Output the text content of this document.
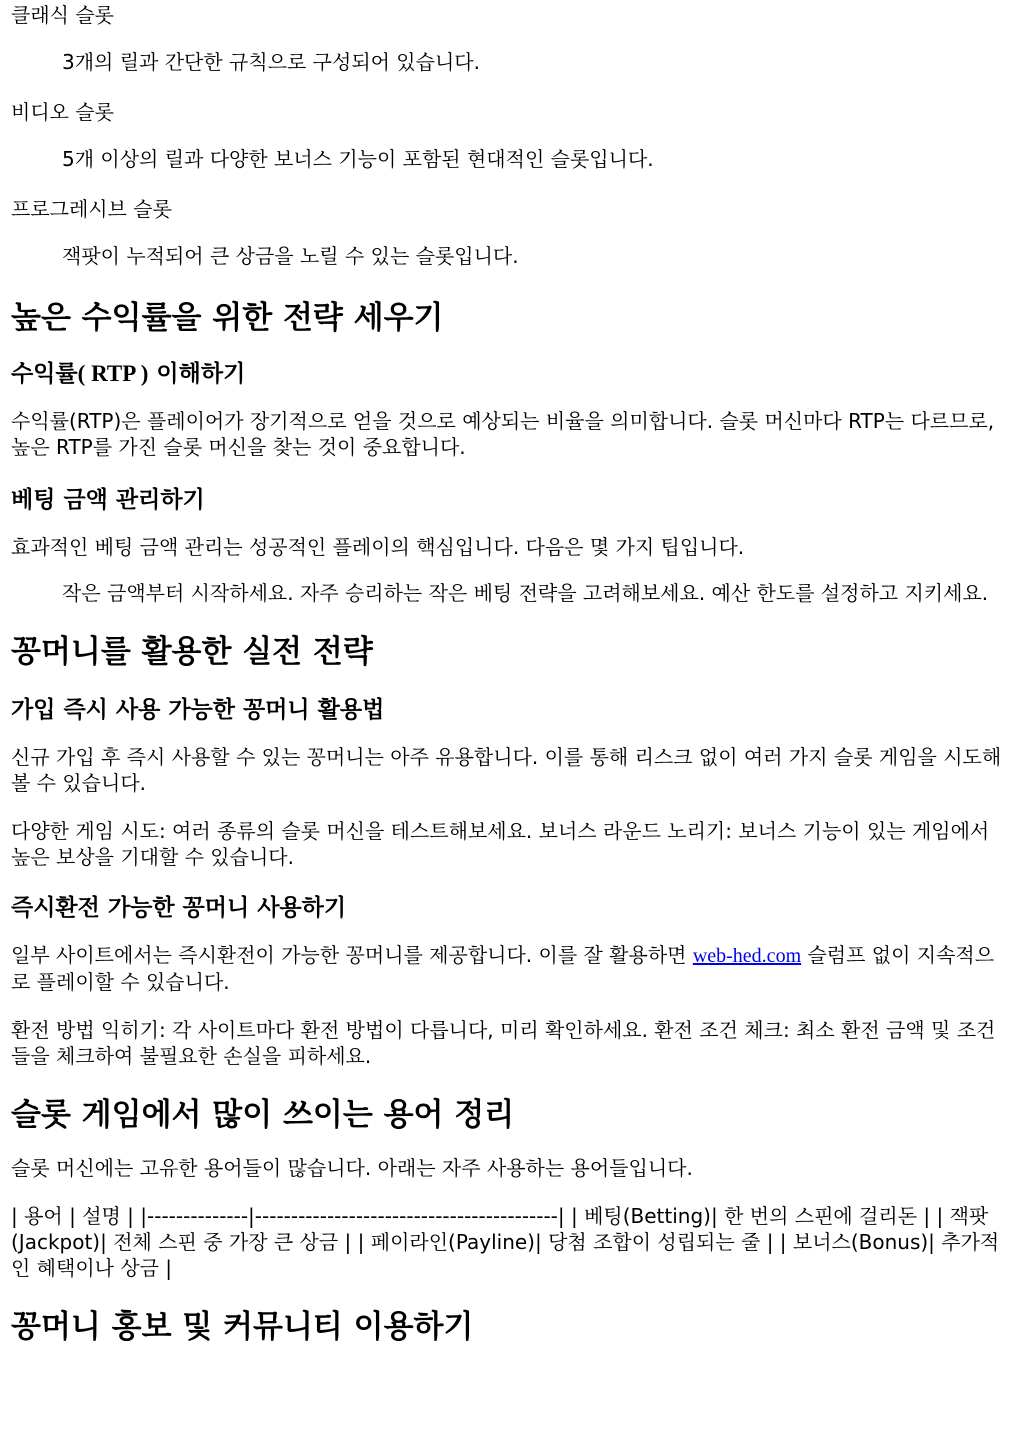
클래식 슬롯

3개의 릴과 간단한 규칙으로 구성되어 있습니다.

비디오 슬롯

5개 이상의 릴과 다양한 보너스 기능이 포함된 현대적인 슬롯입니다.

프로그레시브 슬롯

잭팟이 누적되어 큰 상금을 노릴 수 있는 슬롯입니다.

높은 수익률을 위한 전략 세우기
수익률( RTP ) 이해하기

수익률(RTP)은 플레이어가 장기적으로 얻을 것으로 예상되는 비율을 의미합니다. 슬롯 머신마다 RTP는 다르므로, 높은 RTP를 가진 슬롯 머신을 찾는 것이 중요합니다.

베팅 금액 관리하기

효과적인 베팅 금액 관리는 성공적인 플레이의 핵심입니다. 다음은 몇 가지 팁입니다.

작은 금액부터 시작하세요. 자주 승리하는 작은 베팅 전략을 고려해보세요. 예산 한도를 설정하고 지키세요.

꽁머니를 활용한 실전 전략
가입 즉시 사용 가능한 꽁머니 활용법

신규 가입 후 즉시 사용할 수 있는 꽁머니는 아주 유용합니다. 이를 통해 리스크 없이 여러 가지 슬롯 게임을 시도해볼 수 있습니다.

다양한 게임 시도: 여러 종류의 슬롯 머신을 테스트해보세요. 보너스 라운드 노리기: 보너스 기능이 있는 게임에서 높은 보상을 기대할 수 있습니다.

즉시환전 가능한 꽁머니 사용하기

일부 사이트에서는 즉시환전이 가능한 꽁머니를 제공합니다. 이를 잘 활용하면 web-hed.com 슬럼프 없이 지속적으로 플레이할 수 있습니다.

환전 방법 익히기: 각 사이트마다 환전 방법이 다릅니다, 미리 확인하세요. 환전 조건 체크: 최소 환전 금액 및 조건들을 체크하여 불필요한 손실을 피하세요.

슬롯 게임에서 많이 쓰이는 용어 정리

슬롯 머신에는 고유한 용어들이 많습니다. 아래는 자주 사용하는 용어들입니다.

| 용어 | 설명 | |--------------|------------------------------------------| | 베팅(Betting)| 한 번의 스핀에 걸리돈 | | 잭팟(Jackpot)| 전체 스핀 중 가장 큰 상금 | | 페이라인(Payline)| 당첨 조합이 성립되는 줄 | | 보너스(Bonus)| 추가적인 혜택이나 상금 |

꽁머니 홍보 및 커뮤니티 이용하기
